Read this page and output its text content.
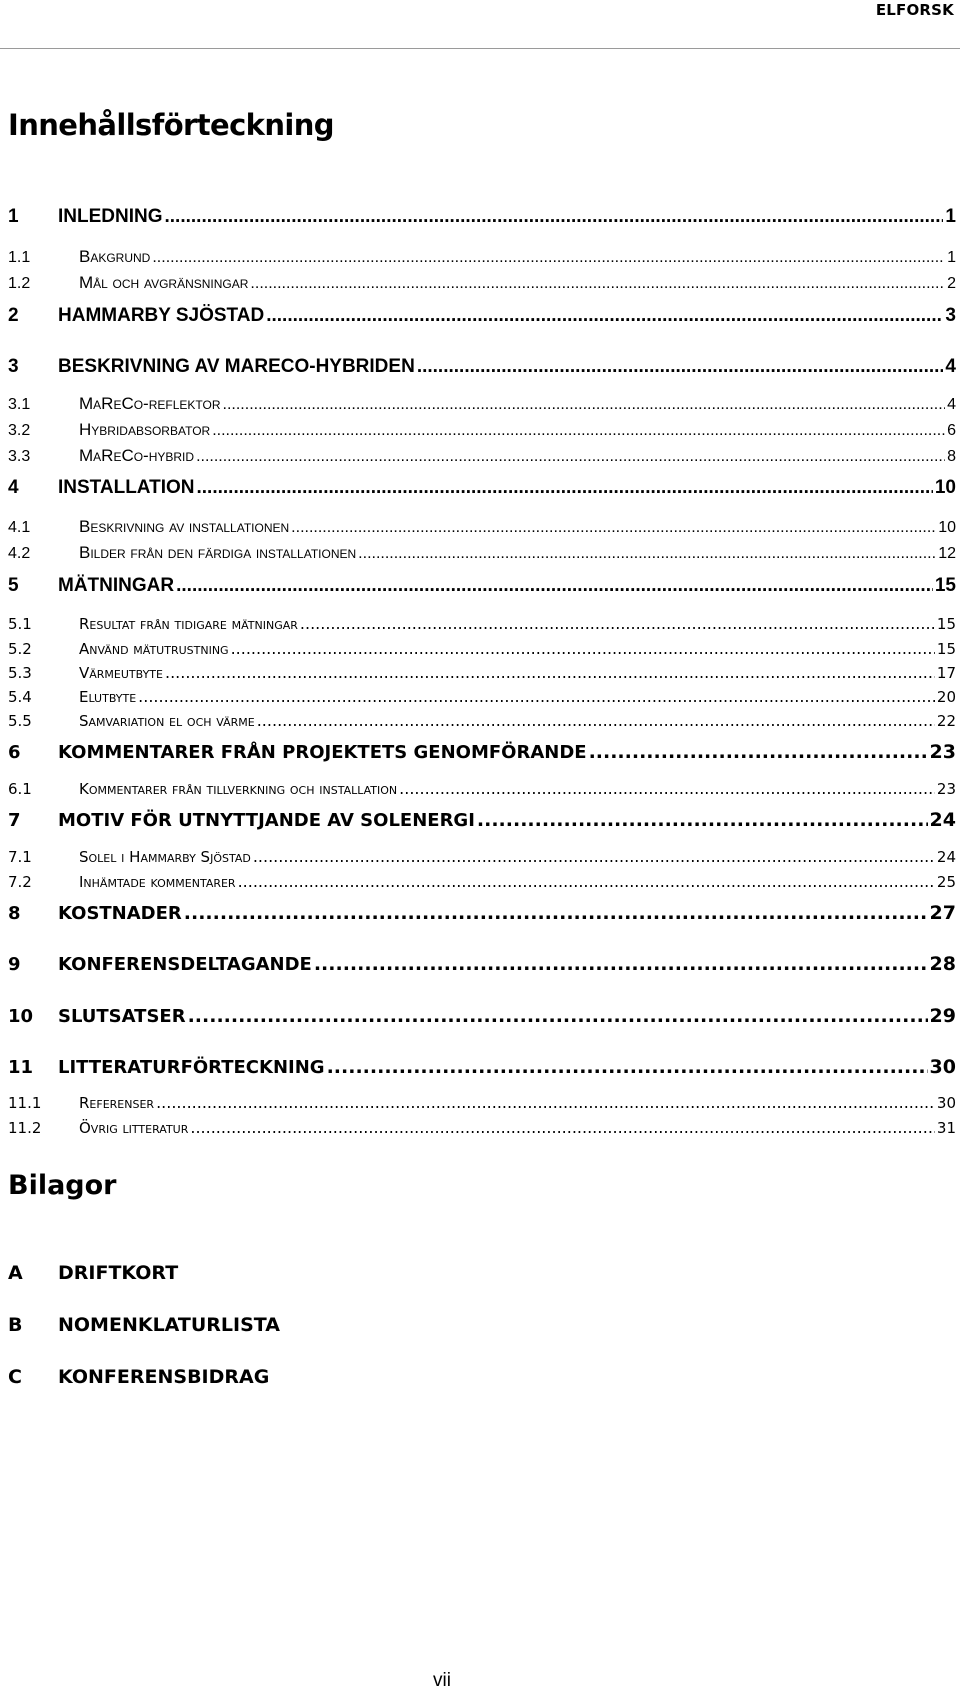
ELFORSK
Innehållsförteckning
1	INLEDNING .....	1
1.1	Bakgrund .....	1
1.2	Mål och avgränsningar .....	2
2	HAMMARBY SJÖSTAD .....	3
3	BESKRIVNING AV MARECO-HYBRIDEN .....	4
3.1	MaReCo-reflektor .....	4
3.2	Hybridabsorbator .....	6
3.3	MaReCo-hybrid .....	8
4	INSTALLATION .....	10
4.1	Beskrivning av installationen .....	10
4.2	Bilder från den färdiga installationen .....	12
5	MÄTNINGAR .....	15
5.1	Resultat från tidigare mätningar .....	15
5.2	Använd mätutrustning .....	15
5.3	Värmeutbyte .....	17
5.4	Elutbyte .....	20
5.5	Samvariation el och värme .....	22
6	KOMMENTARER FRÅN PROJEKTETS GENOMFÖRANDE .....	23
6.1	Kommentarer från tillverkning och installation .....	23
7	MOTIV FÖR UTNYTTJANDE AV SOLENERGI .....	24
7.1	Solel i Hammarby Sjöstad .....	24
7.2	Inhämtade kommentarer .....	25
8	KOSTNADER .....	27
9	KONFERENSDELTAGANDE .....	28
10	SLUTSATSER .....	29
11	LITTERATURFÖRTECKNING .....	30
11.1	Referenser .....	30
11.2	Övrig litteratur .....	31
Bilagor
A DRIFTKORT
B NOMENKLATURLISTA
C KONFERENSBIDRAG
vii
